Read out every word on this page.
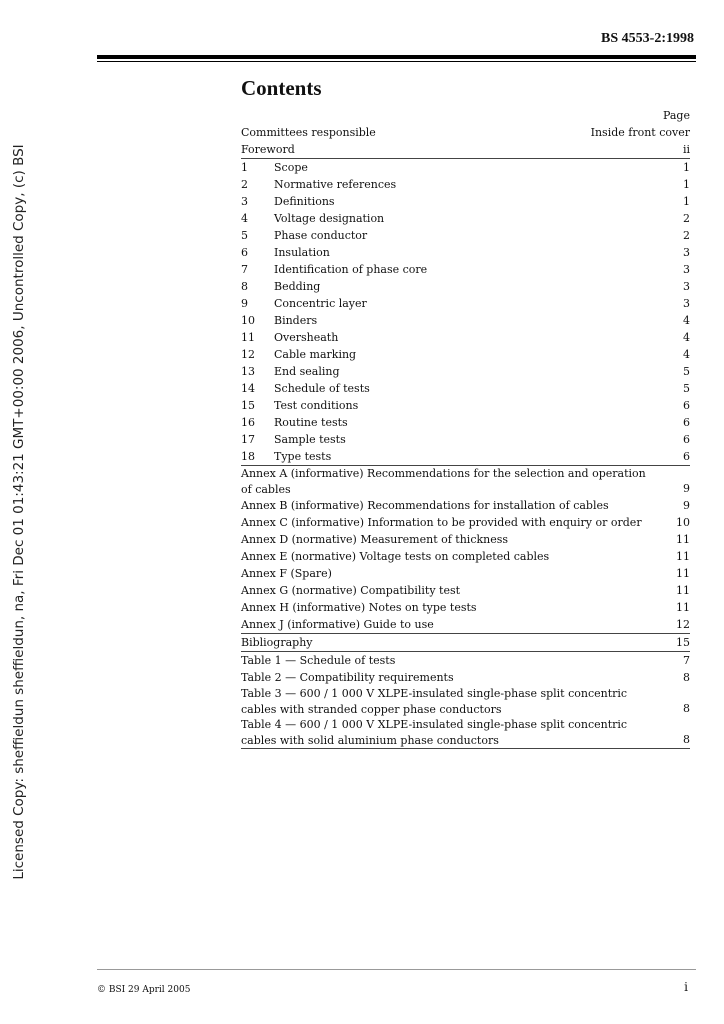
BS 4553-2:1998
Licensed Copy: sheffieldun sheffieldun, na, Fri Dec 01 01:43:21 GMT+00:00 2006, Uncontrolled Copy, (c) BSI
Contents
Page
Committees responsible	Inside front cover
Foreword	ii
1	Scope	1
2	Normative references	1
3	Definitions	1
4	Voltage designation	2
5	Phase conductor	2
6	Insulation	3
7	Identification of phase core	3
8	Bedding	3
9	Concentric layer	3
10	Binders	4
11	Oversheath	4
12	Cable marking	4
13	End sealing	5
14	Schedule of tests	5
15	Test conditions	6
16	Routine tests	6
17	Sample tests	6
18	Type tests	6
Annex A (informative) Recommendations for the selection and operation of cables	9
Annex B (informative) Recommendations for installation of cables	9
Annex C (informative) Information to be provided with enquiry or order	10
Annex D (normative) Measurement of thickness	11
Annex E (normative) Voltage tests on completed cables	11
Annex F (Spare)	11
Annex G (normative) Compatibility test	11
Annex H (informative) Notes on type tests	11
Annex J (informative) Guide to use	12
Bibliography	15
Table 1 — Schedule of tests	7
Table 2 — Compatibility requirements	8
Table 3 — 600 / 1 000 V XLPE-insulated single-phase split concentric cables with stranded copper phase conductors	8
Table 4 — 600 / 1 000 V XLPE-insulated single-phase split concentric cables with solid aluminium phase conductors	8
© BSI 29 April 2005	i
